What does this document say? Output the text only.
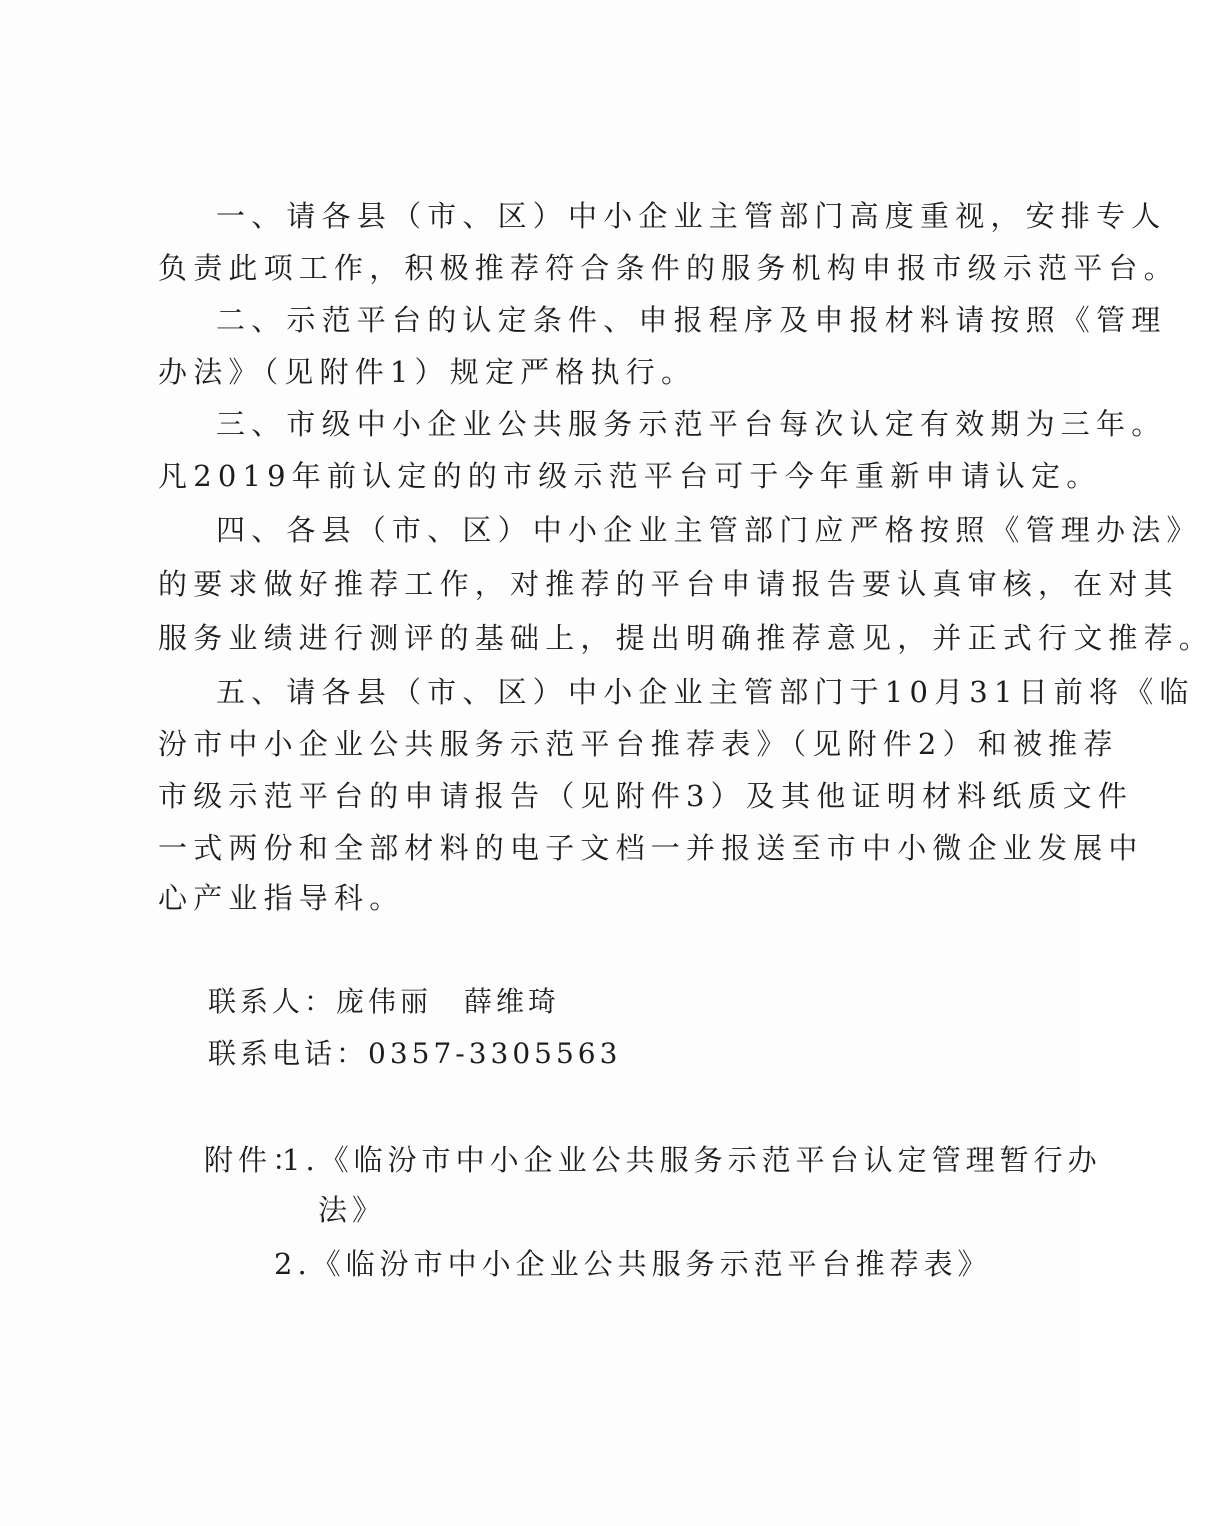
一、请各县（市、区）中小企业主管部门高度重视，安排专人
负责此项工作，积极推荐符合条件的服务机构申报市级示范平台。
二、示范平台的认定条件、申报程序及申报材料请按照《管理
办法》（见附件1）规定严格执行。
三、市级中小企业公共服务示范平台每次认定有效期为三年。
凡2019年前认定的的市级示范平台可于今年重新申请认定。
四、各县（市、区）中小企业主管部门应严格按照《管理办法》
的要求做好推荐工作，对推荐的平台申请报告要认真审核，在对其
服务业绩进行测评的基础上，提出明确推荐意见，并正式行文推荐。
五、请各县（市、区）中小企业主管部门于10月31日前将《临
汾市中小企业公共服务示范平台推荐表》（见附件2）和被推荐
市级示范平台的申请报告（见附件3）及其他证明材料纸质文件
一式两份和全部材料的电子文档一并报送至市中小微企业发展中
心产业指导科。
联系人：庞伟丽　薛维琦
联系电话：0357-3305563
附件：
1.《临汾市中小企业公共服务示范平台认定管理暂行办
法》
2.《临汾市中小企业公共服务示范平台推荐表》
